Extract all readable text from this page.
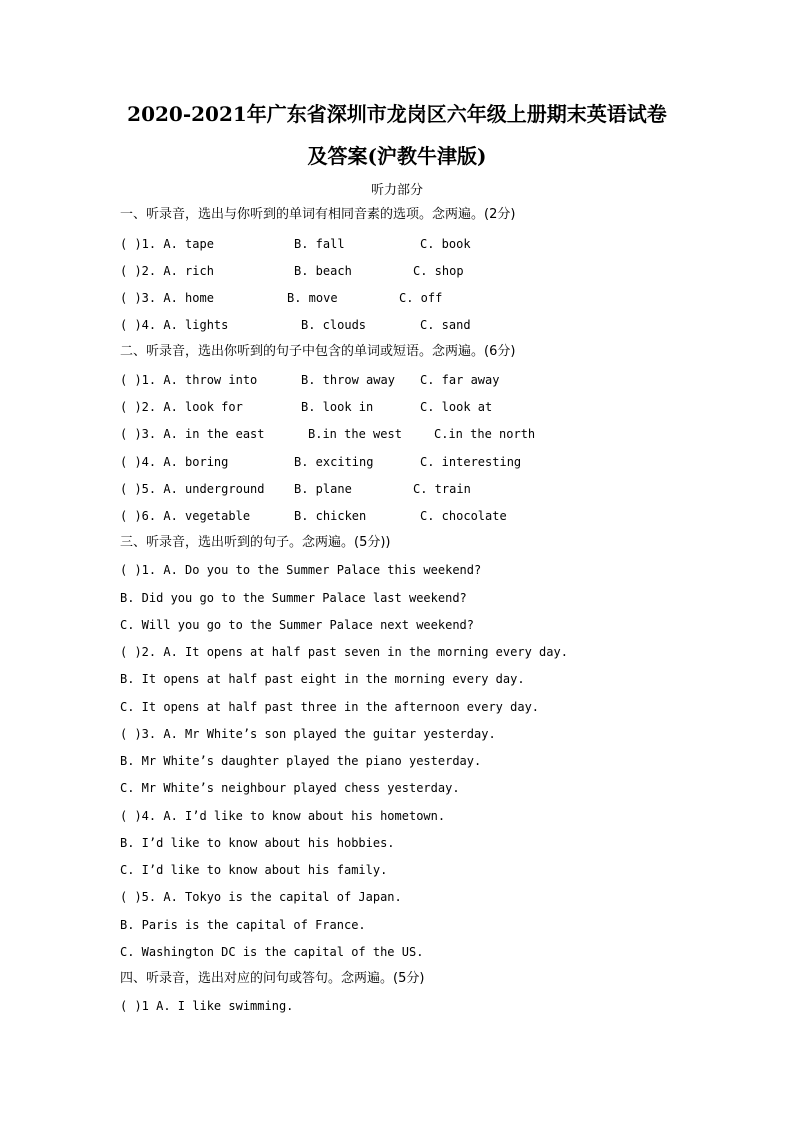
2020-2021年广东省深圳市龙岗区六年级上册期末英语试卷
及答案(沪教牛津版)
听力部分
一、听录音，选出与你听到的单词有相同音素的选项。念两遍。(2分)
( )1. A. tape	B. fall	C. book
( )2. A. rich	B. beach	C. shop
( )3. A. home	B. move	C. off
( )4. A. lights	B. clouds	C. sand
二、听录音，选出你听到的句子中包含的单词或短语。念两遍。(6分)
( )1. A. throw into	B. throw away C. far away
( )2. A. look for	B. look in	C. look at
( )3. A. in the east	B.in the west	C.in the north
( )4. A. boring	B. exciting	C. interesting
( )5. A. underground B. plane	C. train
( )6. A. vegetable	B. chicken	C. chocolate
三、听录音，选出听到的句子。念两遍。(5分))
( )1. A. Do you to the Summer Palace this weekend?
B. Did you go to the Summer Palace last weekend?
C. Will you go to the Summer Palace next weekend?
( )2. A. It opens at half past seven in the morning every day.
B. It opens at half past eight in the morning every day.
C. It opens at half past three in the afternoon every day.
( )3. A. Mr White’s son played the guitar yesterday.
B. Mr White’s daughter played the piano yesterday.
C. Mr White’s neighbour played chess yesterday.
( )4. A. I’d like to know about his hometown.
B. I’d like to know about his hobbies.
C. I’d like to know about his family.
( )5. A. Tokyo is the capital of Japan.
B. Paris is the capital of France.
C. Washington DC is the capital of the US.
四、听录音，选出对应的问句或答句。念两遍。(5分)
( )1 A. I like swimming.
